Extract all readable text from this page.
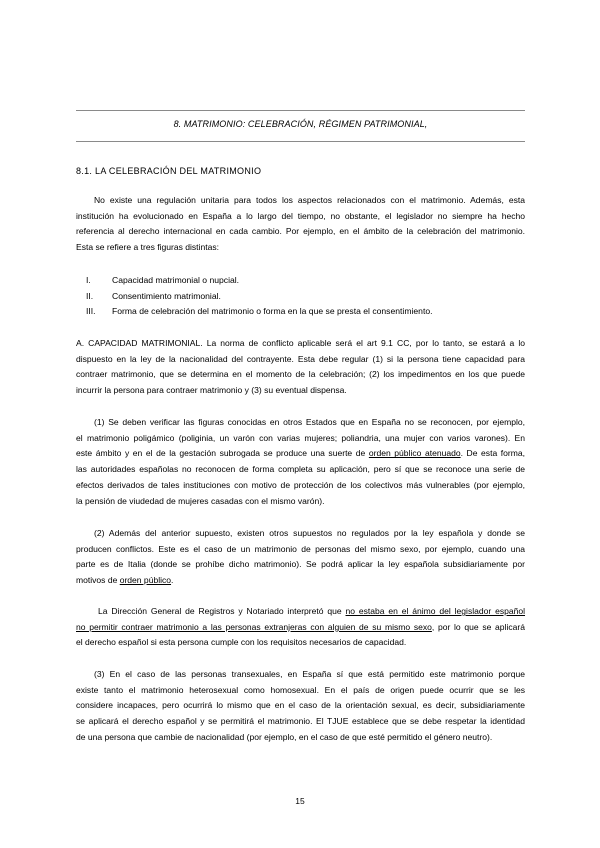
8. MATRIMONIO: CELEBRACIÓN, RÉGIMEN PATRIMONIAL,
8.1. LA CELEBRACIÓN DEL MATRIMONIO
No existe una regulación unitaria para todos los aspectos relacionados con el matrimonio. Además, esta
institución ha evolucionado en España a lo largo del tiempo, no obstante, el legislador no siempre ha hecho
referencia al derecho internacional en cada cambio. Por ejemplo, en el ámbito de la celebración del matrimonio.
Esta se refiere a tres figuras distintas:
I.	Capacidad matrimonial o nupcial.
II.	Consentimiento matrimonial.
III.	Forma de celebración del matrimonio o forma en la que se presta el consentimiento.
A. CAPACIDAD MATRIMONIAL. La norma de conflicto aplicable será el art 9.1 CC, por lo tanto, se estará a lo
dispuesto en la ley de la nacionalidad del contrayente. Esta debe regular (1) si la persona tiene capacidad para
contraer matrimonio, que se determina en el momento de la celebración; (2) los impedimentos en los que puede
incurrir la persona para contraer matrimonio y (3) su eventual dispensa.
(1) Se deben verificar las figuras conocidas en otros Estados que en España no se reconocen, por ejemplo,
el matrimonio poligámico (poliginia, un varón con varias mujeres; poliandria, una mujer con varios varones). En
este ámbito y en el de la gestación subrogada se produce una suerte de orden público atenuado. De esta forma,
las autoridades españolas no reconocen de forma completa su aplicación, pero sí que se reconoce una serie de
efectos derivados de tales instituciones con motivo de protección de los colectivos más vulnerables (por ejemplo,
la pensión de viudedad de mujeres casadas con el mismo varón).
(2) Además del anterior supuesto, existen otros supuestos no regulados por la ley española y donde se
producen conflictos. Este es el caso de un matrimonio de personas del mismo sexo, por ejemplo, cuando una
parte es de Italia (donde se prohíbe dicho matrimonio). Se podrá aplicar la ley española subsidiariamente por
motivos de orden público.
La Dirección General de Registros y Notariado interpretó que no estaba en el ánimo del legislador español
no permitir contraer matrimonio a las personas extranjeras con alguien de su mismo sexo, por lo que se aplicará
el derecho español si esta persona cumple con los requisitos necesarios de capacidad.
(3) En el caso de las personas transexuales, en España sí que está permitido este matrimonio porque
existe tanto el matrimonio heterosexual como homosexual. En el país de origen puede ocurrir que se les
considere incapaces, pero ocurrirá lo mismo que en el caso de la orientación sexual, es decir, subsidiariamente
se aplicará el derecho español y se permitirá el matrimonio. El TJUE establece que se debe respetar la identidad
de una persona que cambie de nacionalidad (por ejemplo, en el caso de que esté permitido el género neutro).
15
